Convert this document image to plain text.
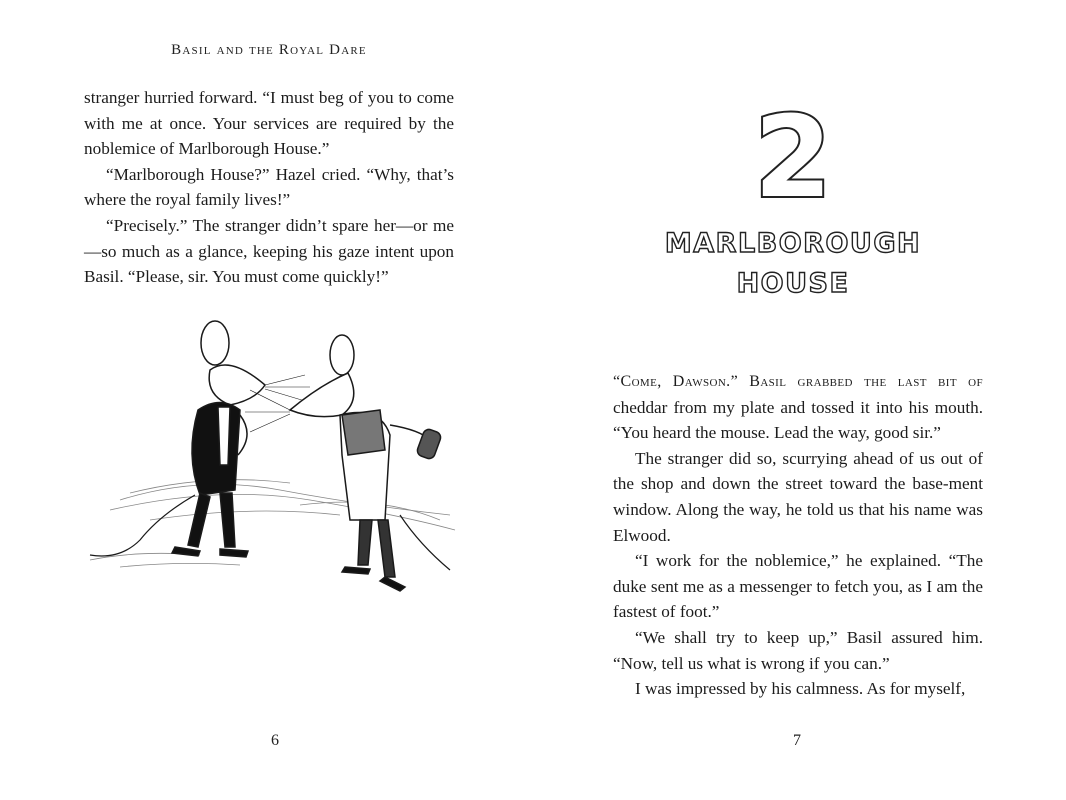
Basil and the Royal Dare

stranger hurried forward. “I must beg of you to come with me at once. Your services are required by the noblemice of Marlborough House.”

“Marlborough House?” Hazel cried. “Why, that’s where the royal family lives!”

“Precisely.” The stranger didn’t spare her—or me—so much as a glance, keeping his gaze intent upon Basil. “Please, sir. You must come quickly!”

6
2
MARLBOROUGH
HOUSE

“Come, Dawson.” Basil grabbed the last bit of

cheddar from my plate and tossed it into his mouth. “You heard the mouse. Lead the way, good sir.”

The stranger did so, scurrying ahead of us out of the shop and down the street toward the base-ment window. Along the way, he told us that his name was Elwood.

“I work for the noblemice,” he explained. “The duke sent me as a messenger to fetch you, as I am the fastest of foot.”

“We shall try to keep up,” Basil assured him. “Now, tell us what is wrong if you can.”

I was impressed by his calmness. As for myself,

7
